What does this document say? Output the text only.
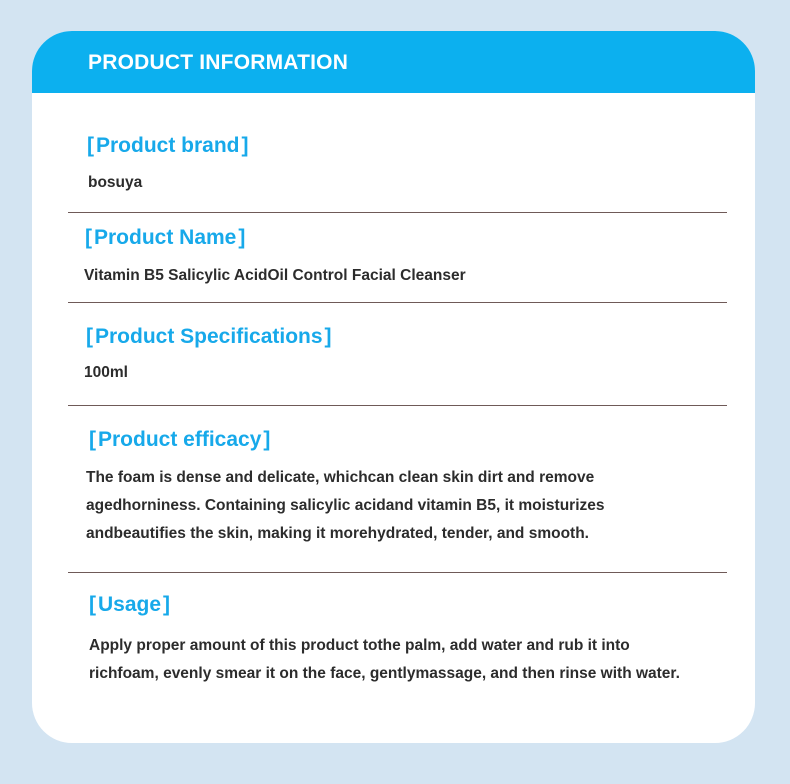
PRODUCT INFORMATION
[Product brand]
bosuya
[Product Name]
Vitamin B5 Salicylic AcidOil Control Facial Cleanser
[Product Specifications]
100ml
[Product efficacy]
The foam is dense and delicate, whichcan clean skin dirt and remove
agedhorniness. Containing salicylic acidand vitamin B5, it moisturizes
andbeautifies the skin, making it morehydrated, tender, and smooth.
[Usage]
Apply proper amount of this product tothe palm, add water and rub it into
richfoam, evenly smear it on the face, gentlymassage, and then rinse with water.
